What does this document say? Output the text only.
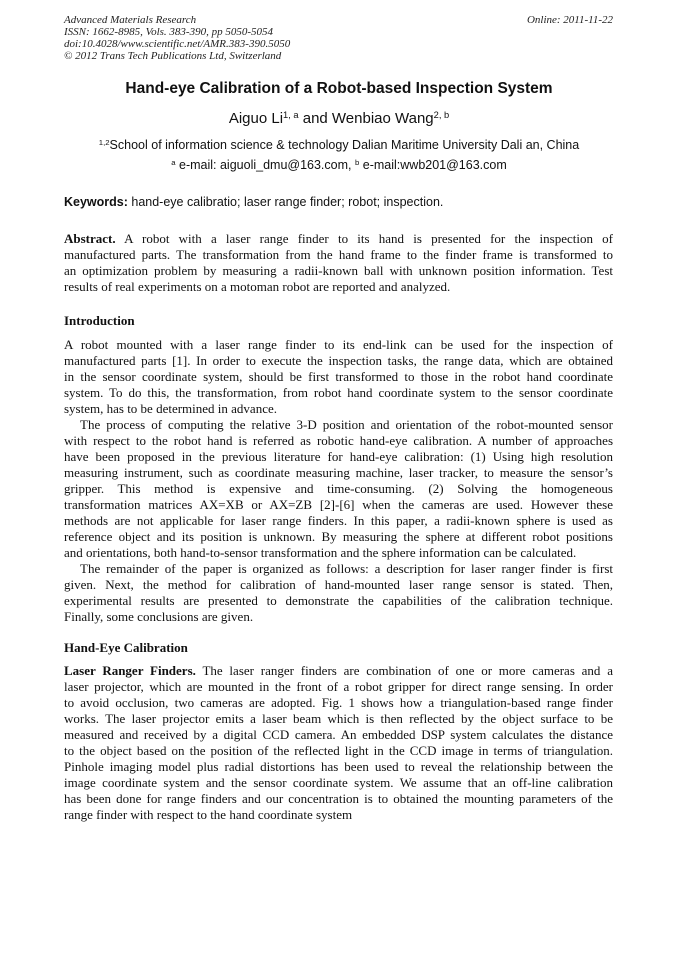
Advanced Materials Research
ISSN: 1662-8985, Vols. 383-390, pp 5050-5054
doi:10.4028/www.scientific.net/AMR.383-390.5050
© 2012 Trans Tech Publications Ltd, Switzerland
Online: 2011-11-22
Hand-eye Calibration of a Robot-based Inspection System
Aiguo Li$^{1, a}$ and Wenbiao Wang$^{2, b}$
$^{1,2}$School of information science & technology Dalian Maritime University Dali an, China
$^a$ e-mail: aiguoli_dmu@163.com, $^b$ e-mail:wwb201@163.com
Keywords: hand-eye calibratio; laser range finder; robot; inspection.
Abstract. A robot with a laser range finder to its hand is presented for the inspection of
manufactured parts. The transformation from the hand frame to the finder frame is transformed to
an optimization problem by measuring a radii-known ball with unknown position information. Test
results of real experiments on a motoman robot are reported and analyzed.
Introduction
A robot mounted with a laser range finder to its end-link can be used for the inspection of
manufactured parts [1]. In order to execute the inspection tasks, the range data, which are obtained
in the sensor coordinate system, should be first transformed to those in the robot hand coordinate
system. To do this, the transformation, from robot hand coordinate system to the sensor coordinate
system, has to be determined in advance.
The process of computing the relative 3-D position and orientation of the robot-mounted sensor
with respect to the robot hand is referred as robotic hand-eye calibration. A number of approaches
have been proposed in the previous literature for hand-eye calibration: (1) Using high resolution
measuring instrument, such as coordinate measuring machine, laser tracker, to measure the sensor’s
gripper. This method is expensive and time-consuming. (2) Solving the homogeneous
transformation matrices AX=XB or AX=ZB [2]-[6] when the cameras are used. However these
methods are not applicable for laser range finders. In this paper, a radii-known sphere is used as
reference object and its position is unknown. By measuring the sphere at different robot positions
and orientations, both hand-to-sensor transformation and the sphere information can be calculated.
The remainder of the paper is organized as follows: a description for laser ranger finder is first
given. Next, the method for calibration of hand-mounted laser range sensor is stated. Then,
experimental results are presented to demonstrate the capabilities of the calibration technique.
Finally, some conclusions are given.
Hand-Eye Calibration
Laser Ranger Finders. The laser ranger finders are combination of one or more cameras and a
laser projector, which are mounted in the front of a robot gripper for direct range sensing. In order
to avoid occlusion, two cameras are adopted. Fig. 1 shows how a triangulation-based range finder
works. The laser projector emits a laser beam which is then reflected by the object surface to be
measured and received by a digital CCD camera. An embedded DSP system calculates the distance
to the object based on the position of the reflected light in the CCD image in terms of triangulation.
Pinhole imaging model plus radial distortions has been used to reveal the relationship between the
image coordinate system and the sensor coordinate system. We assume that an off-line calibration
has been done for range finders and our concentration is to obtained the mounting parameters of the
range finder with respect to the hand coordinate system
